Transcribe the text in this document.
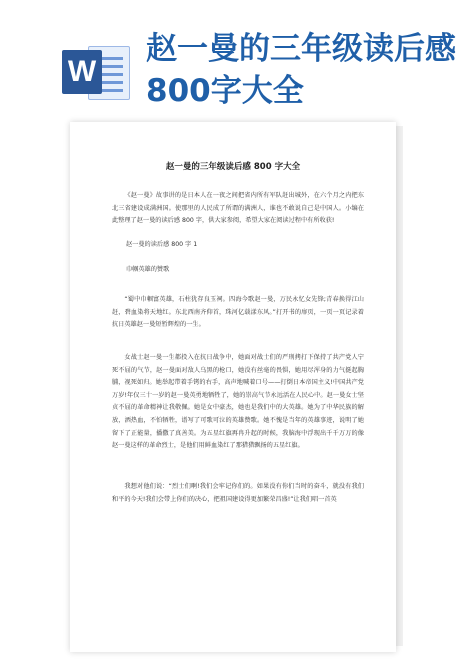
W
赵一曼的三年级读后感800字大全
赵一曼的三年级读后感 800 字大全

《赵一曼》故事讲的是日本人在一夜之间把省内所有军队赶出城外，在六个月之内把东北三省建设成满洲国。使那里的人民成了所谓的满洲人，谁也不敢说自己是中国人。小编在此整理了赵一曼的读后感 800 字，供大家参阅，希望大家在阅读过程中有所收获!

赵一曼的读后感 800 字 1

巾帼英雄的赞歌

“蜀中巾帼富英雄，石柱犹存良玉祠。四海今歌赵一曼，万民永忆女先锋;青春换得江山赶，碧血染将天地红。东北西南齐仰首，珠河亿载漾东风。”打开书的扉页，一页一页记录着抗日英雄赵一曼短暂辉煌的一生。

女战士赵一曼一生都投入在抗日战争中，她面对战士们的严刑拷打下保持了共产党人宁死不屈的气节，赵一曼面对敌人乌黑的枪口，她没有丝毫的畏惧，她用尽浑身的力气挺起胸脯，视死如归。她举起带着手铐的右手，高声地喊着口号——打倒日本帝国主义!中国共产党万岁!年仅三十一岁的赵一曼英勇地牺牲了，她的崇高气节永远活在人民心中。赵一曼女士坚贞不屈的革命精神让我敬佩。她是女中豪杰，她也是我们中的大英雄。她为了中华民族的解放，洒热血，不怕牺牲，谱写了可歌可泣的英雄赞歌。她不愧是当年的英雄事迹，说明了她留下了正能量，播撒了真善美。为五星红旗再冉升起的时候，我脑海中浮现出千千万万的像赵一曼这样的革命烈士，是他们用鲜血染红了那猎猎飘扬的五星红旗。

我想对他们说：“烈士们啊!我们会牢记你们的。如果没有你们当时的奋斗，就没有我们和平的今天!我们会带上你们的决心，把祖国建设得更加繁荣昌盛!”让我们唱一首英
